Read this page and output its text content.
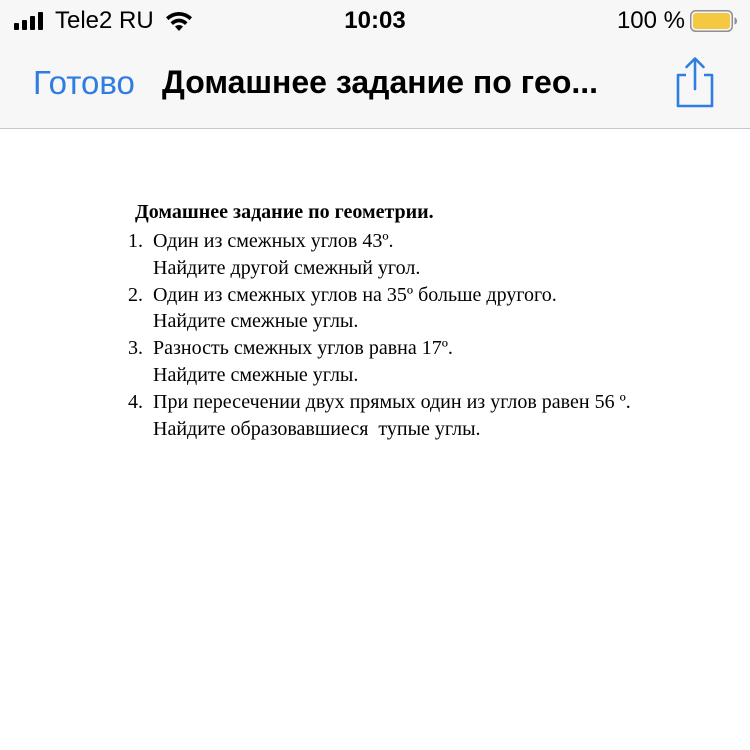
Tele2 RU	10:03	100 %
Готово Домашнее задание по гео...
Домашнее задание по геометрии.
1. Один из смежных углов 43º.
Найдите другой смежный угол.
2. Один из смежных углов на 35º больше другого.
Найдите смежные углы.
3. Разность смежных углов равна 17º.
Найдите смежные углы.
4. При пересечении двух прямых один из углов равен 56 º.
Найдите образовавшиеся  тупые углы.
